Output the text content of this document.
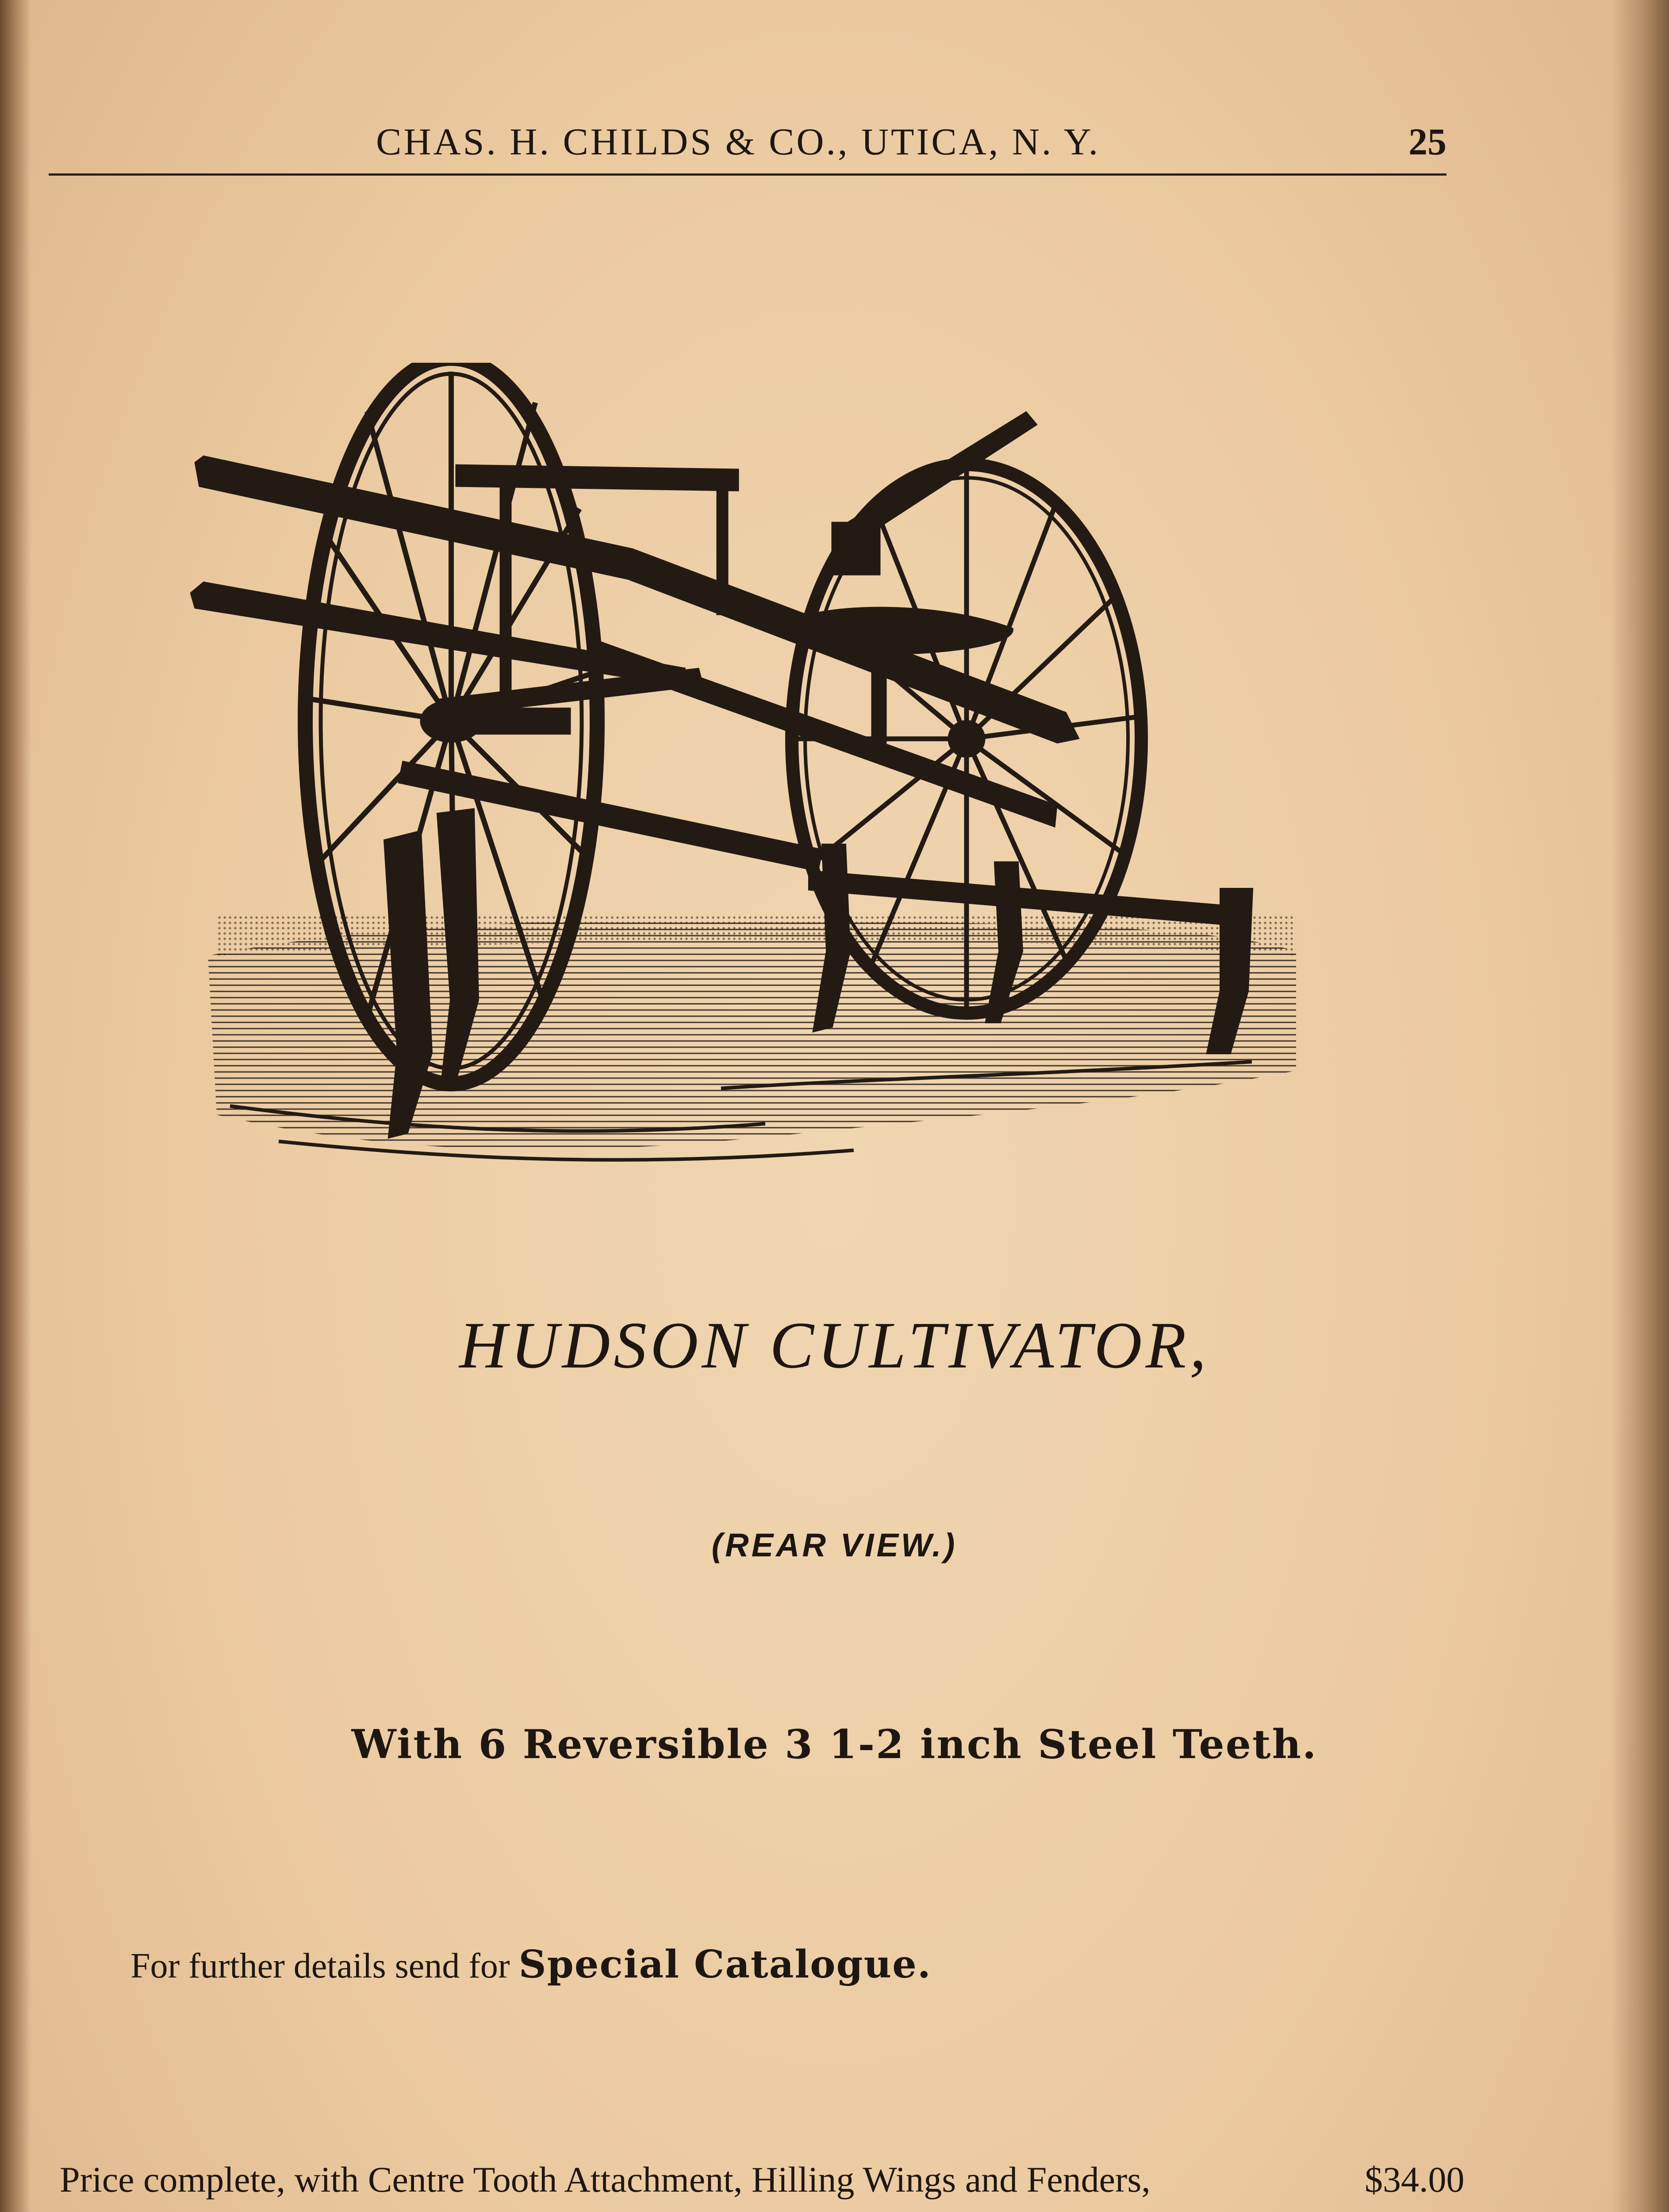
CHAS. H. CHILDS & CO., UTICA, N. Y.	25
HUDSON CULTIVATOR,
(REAR VIEW.)
With 6 Reversible 3 1-2 inch Steel Teeth.
For further details send for Special Catalogue.
Price complete, with Centre Tooth Attachment, Hilling Wings and Fenders,	$34.00
